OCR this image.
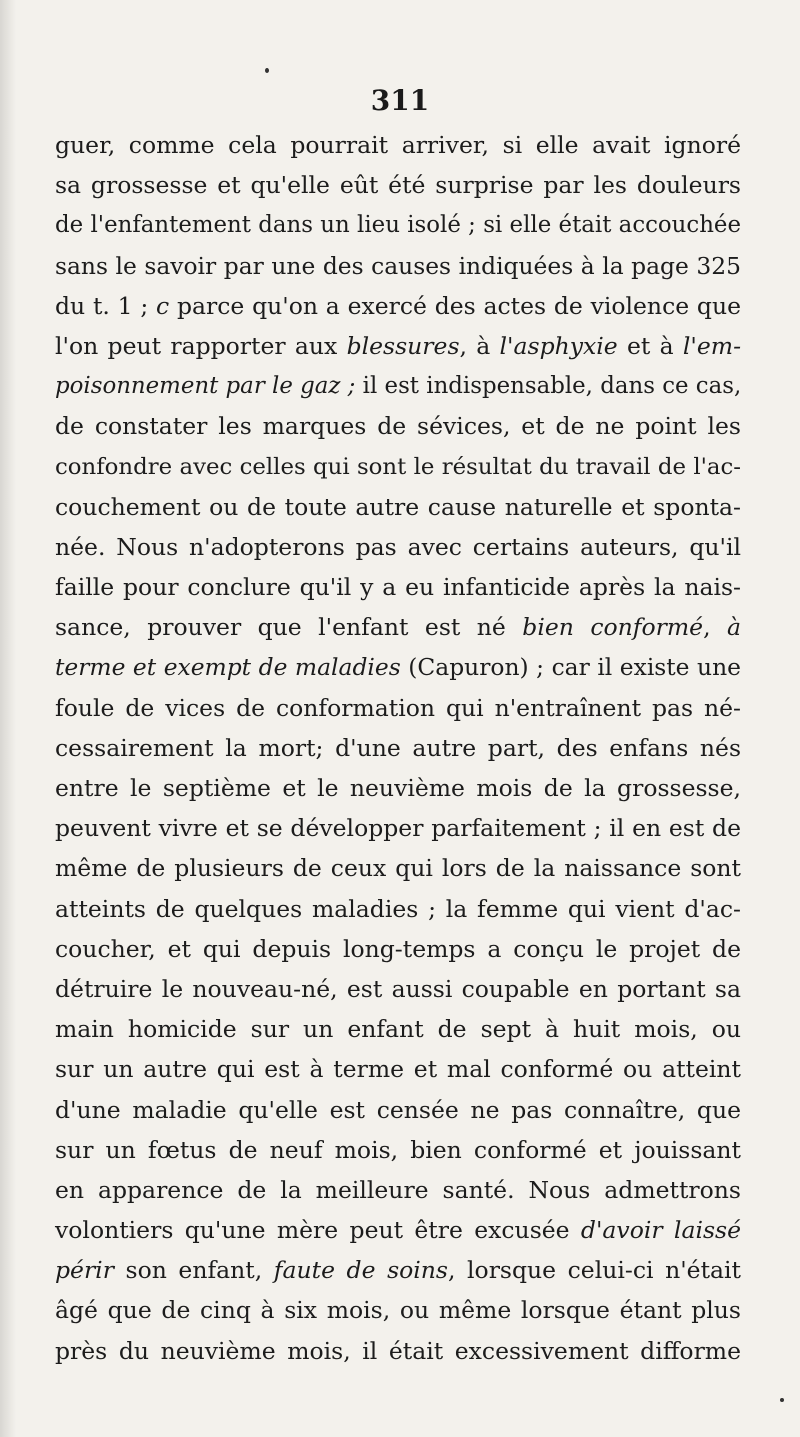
311
guer, comme cela pourrait arriver, si elle avait ignoré
sa grossesse et qu'elle eût été surprise par les douleurs
de l'enfantement dans un lieu isolé ; si elle était accouchée
sans le savoir par une des causes indiquées à la page 325
du t. 1 ; c parce qu'on a exercé des actes de violence que
l'on peut rapporter aux blessures, à l'asphyxie et à l'em-
poisonnement par le gaz ; il est indispensable, dans ce cas,
de constater les marques de sévices, et de ne point les
confondre avec celles qui sont le résultat du travail de l'ac-
couchement ou de toute autre cause naturelle et sponta-
née. Nous n'adopterons pas avec certains auteurs, qu'il
faille pour conclure qu'il y a eu infanticide après la nais-
sance, prouver que l'enfant est né bien conformé, à
terme et exempt de maladies (Capuron) ; car il existe une
foule de vices de conformation qui n'entraînent pas né-
cessairement la mort; d'une autre part, des enfans nés
entre le septième et le neuvième mois de la grossesse,
peuvent vivre et se développer parfaitement ; il en est de
même de plusieurs de ceux qui lors de la naissance sont
atteints de quelques maladies ; la femme qui vient d'ac-
coucher, et qui depuis long-temps a conçu le projet de
détruire le nouveau-né, est aussi coupable en portant sa
main homicide sur un enfant de sept à huit mois, ou
sur un autre qui est à terme et mal conformé ou atteint
d'une maladie qu'elle est censée ne pas connaître, que
sur un fœtus de neuf mois, bien conformé et jouissant
en apparence de la meilleure santé. Nous admettrons
volontiers qu'une mère peut être excusée d'avoir laissé
périr son enfant, faute de soins, lorsque celui-ci n'était
âgé que de cinq à six mois, ou même lorsque étant plus
près du neuvième mois, il était excessivement difforme
